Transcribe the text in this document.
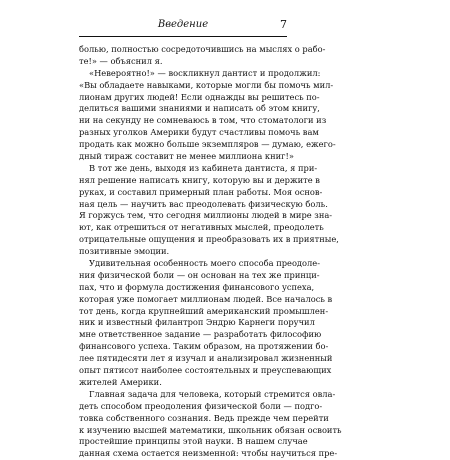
Введение	7
болью, полностью сосредоточившись на мыслях о рабо-
те!» — объяснил я.
«Невероятно!» — воскликнул дантист и продолжил:
«Вы обладаете навыками, которые могли бы помочь мил-
лионам других людей! Если однажды вы решитесь по-
делиться вашими знаниями и написать об этом книгу,
ни на секунду не сомневаюсь в том, что стоматологи из
разных уголков Америки будут счастливы помочь вам
продать как можно больше экземпляров — думаю, ежего-
дный тираж составит не менее миллиона книг!»
В тот же день, выходя из кабинета дантиста, я при-
нял решение написать книгу, которую вы и держите в
руках, и составил примерный план работы. Моя основ-
ная цель — научить вас преодолевать физическую боль.
Я горжусь тем, что сегодня миллионы людей в мире зна-
ют, как отрешиться от негативных мыслей, преодолеть
отрицательные ощущения и преобразовать их в приятные,
позитивные эмоции.
Удивительная особенность моего способа преодоле-
ния физической боли — он основан на тех же принци-
пах, что и формула достижения финансового успеха,
которая уже помогает миллионам людей. Все началось в
тот день, когда крупнейший американский промышлен-
ник и известный филантроп Эндрю Карнеги поручил
мне ответственное задание — разработать философию
финансового успеха. Таким образом, на протяжении бо-
лее пятидесяти лет я изучал и анализировал жизненный
опыт пятисот наиболее состоятельных и преуспевающих
жителей Америки.
Главная задача для человека, который стремится овла-
деть способом преодоления физической боли — подго-
товка собственного сознания. Ведь прежде чем перейти
к изучению высшей математики, школьник обязан освоить
простейшие принципы этой науки. В нашем случае
данная схема остается неизменной: чтобы научиться пре-
